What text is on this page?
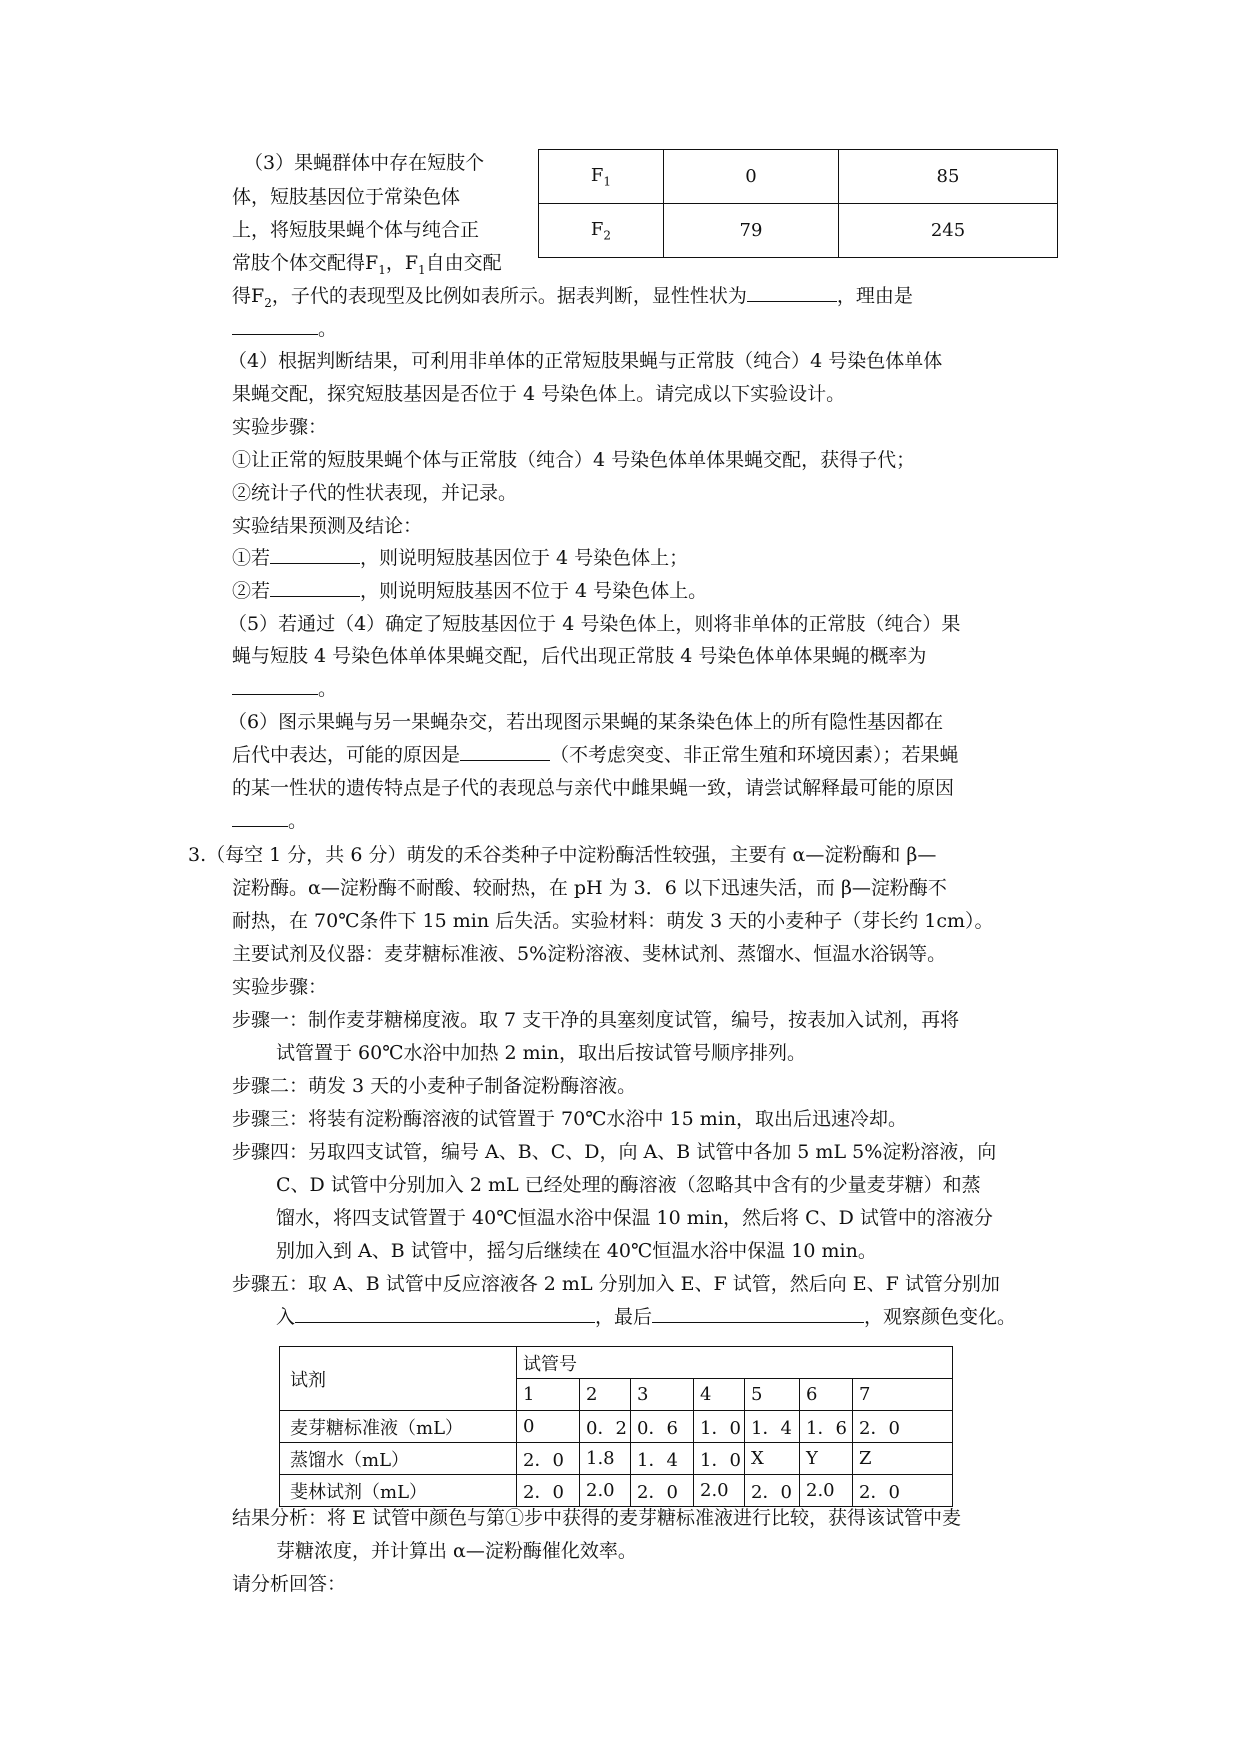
（3）果蝇群体中存在短肢个
体，短肢基因位于常染色体
上，将短肢果蝇个体与纯合正
常肢个体交配得$F_1$，$F_1$自由交配
$F_1$	0	85
$F_2$	79	245
得$F_2$，子代的表现型及比例如表所示。据表判断，显性性状为	，理由是
。
（4）根据判断结果，可利用非单体的正常短肢果蝇与正常肢（纯合）4 号染色体单体
果蝇交配，探究短肢基因是否位于 4 号染色体上。请完成以下实验设计。
实验步骤：
①让正常的短肢果蝇个体与正常肢（纯合）4 号染色体单体果蝇交配，获得子代；
②统计子代的性状表现，并记录。
实验结果预测及结论：
①若	，则说明短肢基因位于 4 号染色体上；
②若	，则说明短肢基因不位于 4 号染色体上。
（5）若通过（4）确定了短肢基因位于 4 号染色体上，则将非单体的正常肢（纯合）果
蝇与短肢 4 号染色体单体果蝇交配，后代出现正常肢 4 号染色体单体果蝇的概率为
。
（6）图示果蝇与另一果蝇杂交，若出现图示果蝇的某条染色体上的所有隐性基因都在
后代中表达，可能的原因是	（不考虑突变、非正常生殖和环境因素）；若果蝇
的某一性状的遗传特点是子代的表现总与亲代中雌果蝇一致，请尝试解释最可能的原因
。
3.（每空 1 分，共 6 分）萌发的禾谷类种子中淀粉酶活性较强，主要有 α—淀粉酶和 β—
淀粉酶。α—淀粉酶不耐酸、较耐热，在 pH 为 3．6 以下迅速失活，而 β—淀粉酶不
耐热，在 70℃条件下 15 min 后失活。实验材料：萌发 3 天的小麦种子（芽长约 1cm）。
主要试剂及仪器：麦芽糖标准液、5%淀粉溶液、斐林试剂、蒸馏水、恒温水浴锅等。
实验步骤：
步骤一：制作麦芽糖梯度液。取 7 支干净的具塞刻度试管，编号，按表加入试剂，再将
试管置于 60℃水浴中加热 2 min，取出后按试管号顺序排列。
步骤二：萌发 3 天的小麦种子制备淀粉酶溶液。
步骤三：将装有淀粉酶溶液的试管置于 70℃水浴中 15 min，取出后迅速冷却。
步骤四：另取四支试管，编号 A、B、C、D，向 A、B 试管中各加 5 mL 5%淀粉溶液，向
C、D 试管中分别加入 2 mL 已经处理的酶溶液（忽略其中含有的少量麦芽糖）和蒸
馏水，将四支试管置于 40℃恒温水浴中保温 10 min，然后将 C、D 试管中的溶液分
别加入到 A、B 试管中，摇匀后继续在 40℃恒温水浴中保温 10 min。
步骤五：取 A、B 试管中反应溶液各 2 mL 分别加入 E、F 试管，然后向 E、F 试管分别加
入	，最后	，观察颜色变化。
试剂	试管号						
	1	2	3	4	5	6	7
麦芽糖标准液（mL）	0	0．2	0．6	1．0	1．4	1．6	2．0
蒸馏水（mL）	2．0	1.8	1．4	1．0	X	Y	Z
斐林试剂（mL）	2．0	2.0	2．0	2.0	2．0	2.0	2．0
结果分析：将 E 试管中颜色与第①步中获得的麦芽糖标准液进行比较，获得该试管中麦
芽糖浓度，并计算出 α—淀粉酶催化效率。
请分析回答：
